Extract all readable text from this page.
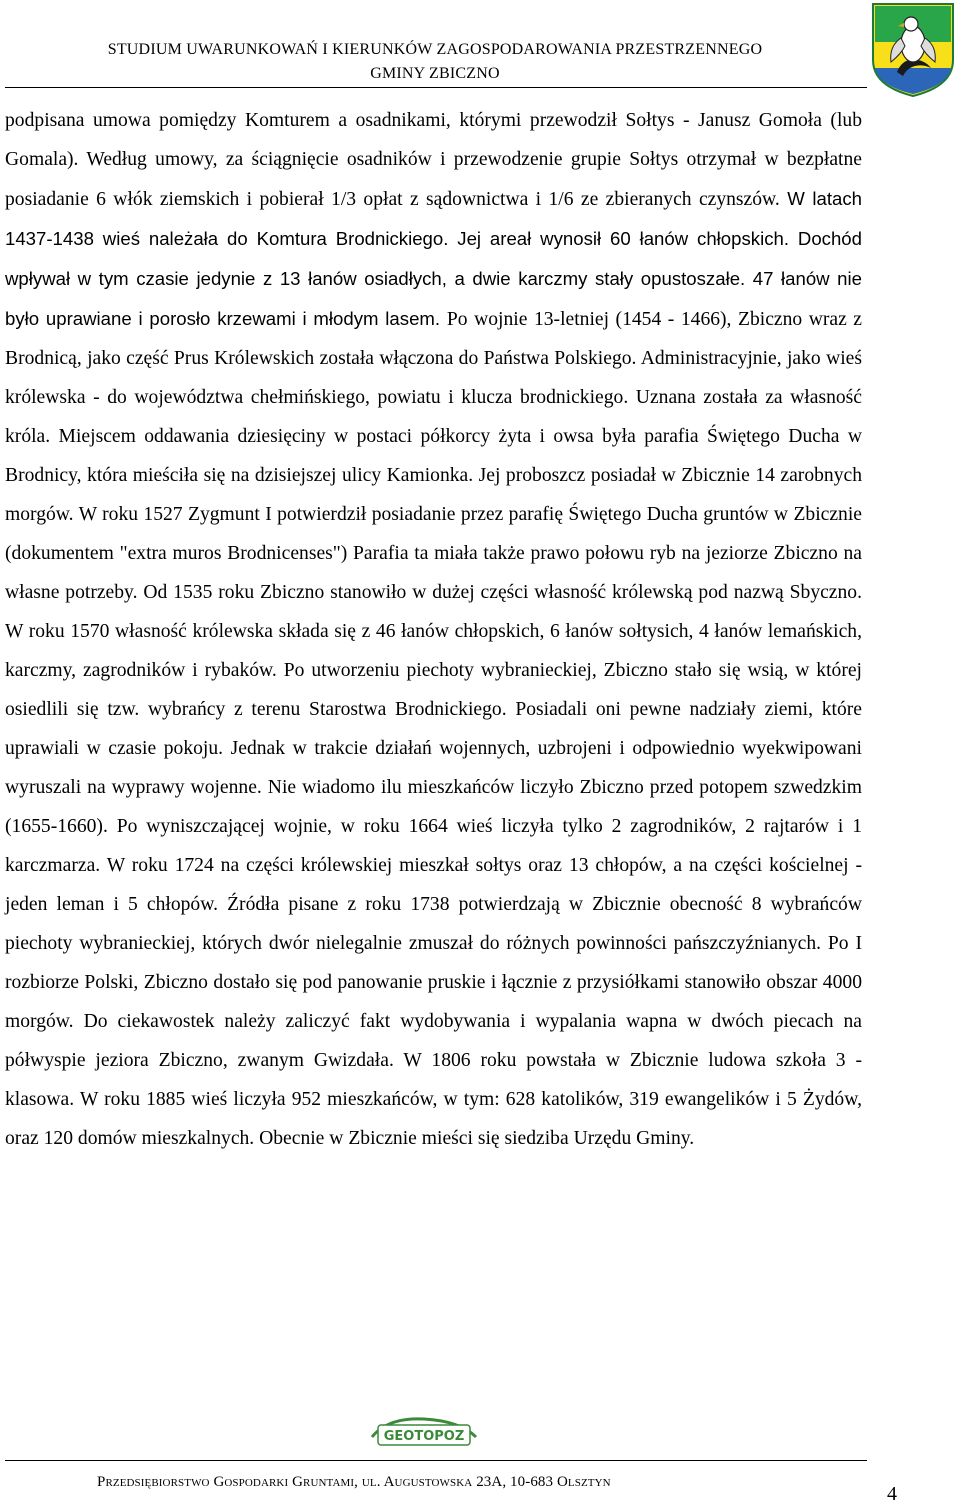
STUDIUM UWARUNKOWAŃ I KIERUNKÓW ZAGOSPODAROWANIA PRZESTRZENNEGO
GMINY ZBICZNO

podpisana umowa pomiędzy Komturem a osadnikami, którymi przewodził Sołtys - Janusz Gomoła (lub Gomala). Według umowy, za ściągnięcie osadników i przewodzenie grupie Sołtys otrzymał w bezpłatne posiadanie 6 włók ziemskich i pobierał 1/3 opłat z sądownictwa i 1/6 ze zbieranych czynszów. W latach 1437-1438 wieś należała do Komtura Brodnickiego. Jej areał wynosił 60 łanów chłopskich. Dochód wpływał w tym czasie jedynie z 13 łanów osiadłych, a dwie karczmy stały opustoszałe. 47 łanów nie było uprawiane i porosło krzewami i młodym lasem. Po wojnie 13-letniej (1454 - 1466), Zbiczno wraz z Brodnicą, jako część Prus Królewskich została włączona do Państwa Polskiego. Administracyjnie, jako wieś królewska - do województwa chełmińskiego, powiatu i klucza brodnickiego. Uznana została za własność króla. Miejscem oddawania dziesięciny w postaci półkorcy żyta i owsa była parafia Świętego Ducha w Brodnicy, która mieściła się na dzisiejszej ulicy Kamionka. Jej proboszcz posiadał w Zbicznie 14 zarobnych morgów. W roku 1527 Zygmunt I potwierdził posiadanie przez parafię Świętego Ducha gruntów w Zbicznie (dokumentem "extra muros Brodnicenses") Parafia ta miała także prawo połowu ryb na jeziorze Zbiczno na własne potrzeby. Od 1535 roku Zbiczno stanowiło w dużej części własność królewską pod nazwą Sbyczno. W roku 1570 własność królewska składa się z 46 łanów chłopskich, 6 łanów sołtysich, 4 łanów lemańskich, karczmy, zagrodników i rybaków. Po utworzeniu piechoty wybranieckiej, Zbiczno stało się wsią, w której osiedlili się tzw. wybrańcy z terenu Starostwa Brodnickiego. Posiadali oni pewne nadziały ziemi, które uprawiali w czasie pokoju. Jednak w trakcie działań wojennych, uzbrojeni i odpowiednio wyekwipowani wyruszali na wyprawy wojenne. Nie wiadomo ilu mieszkańców liczyło Zbiczno przed potopem szwedzkim (1655-1660). Po wyniszczającej wojnie, w roku 1664 wieś liczyła tylko 2 zagrodników, 2 rajtarów i 1 karczmarza. W roku 1724 na części królewskiej mieszkał sołtys oraz 13 chłopów, a na części kościelnej - jeden leman i 5 chłopów. Źródła pisane z roku 1738 potwierdzają w Zbicznie obecność 8 wybrańców piechoty wybranieckiej, których dwór nielegalnie zmuszał do różnych powinności pańszczyźnianych. Po I rozbiorze Polski, Zbiczno dostało się pod panowanie pruskie i łącznie z przysiółkami stanowiło obszar 4000 morgów. Do ciekawostek należy zaliczyć fakt wydobywania i wypalania wapna w dwóch piecach na półwyspie jeziora Zbiczno, zwanym Gwizdała. W 1806 roku powstała w Zbicznie ludowa szkoła 3 - klasowa. W roku 1885 wieś liczyła 952 mieszkańców, w tym: 628 katolików, 319 ewangelików i 5 Żydów, oraz 120 domów mieszkalnych. Obecnie w Zbicznie mieści się siedziba Urzędu Gminy.

GEOTOPOZ
Przedsiębiorstwo Gospodarki Gruntami, ul. Augustowska 23A, 10-683 Olsztyn
4
